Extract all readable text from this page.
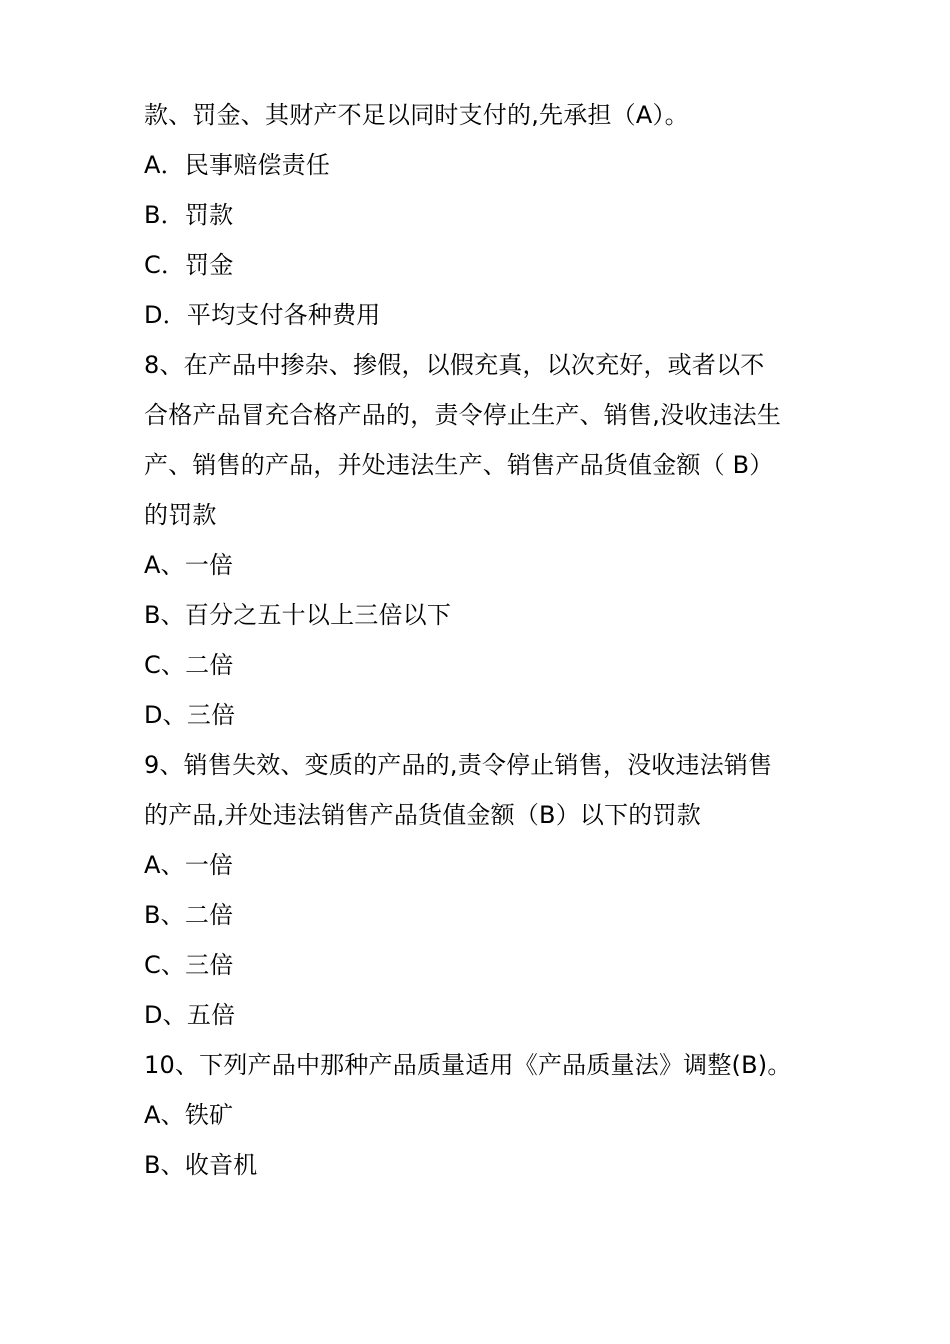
款、罚金、其财产不足以同时支付的,先承担（A）。
A．民事赔偿责任
B．罚款
C．罚金
D．平均支付各种费用
8、在产品中掺杂、掺假，以假充真，以次充好，或者以不
合格产品冒充合格产品的，责令停止生产、销售,没收违法生
产、销售的产品，并处违法生产、销售产品货值金额（ B）
的罚款
A、一倍
B、百分之五十以上三倍以下
C、二倍
D、三倍
9、销售失效、变质的产品的,责令停止销售，没收违法销售
的产品,并处违法销售产品货值金额（B）以下的罚款
A、一倍
B、二倍
C、三倍
D、五倍
10、下列产品中那种产品质量适用《产品质量法》调整(B)。
A、铁矿
B、收音机
